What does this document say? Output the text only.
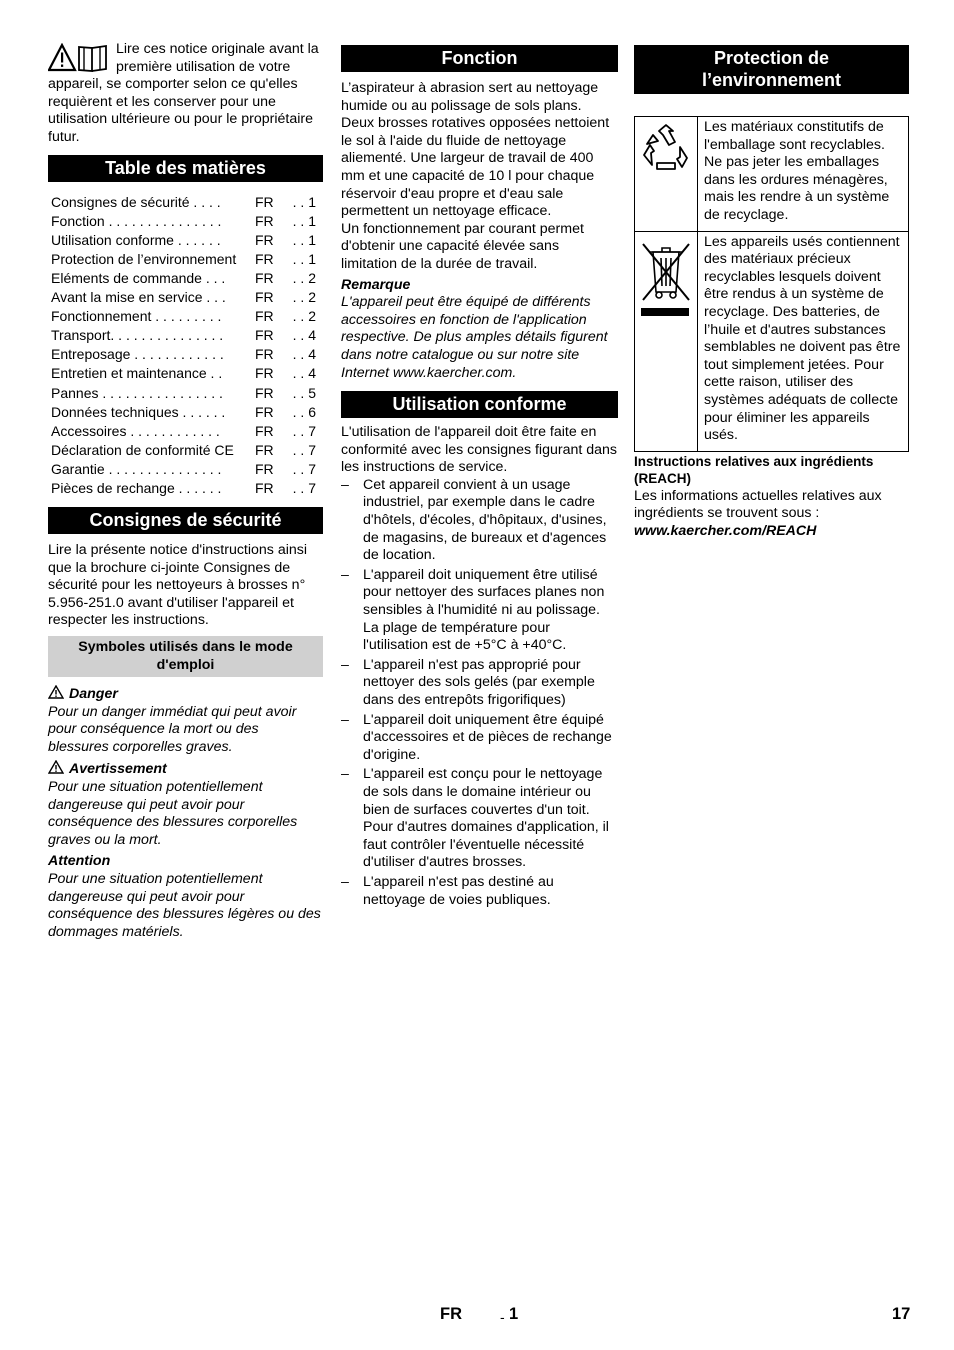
Lire ces notice originale avant la première utilisation de votre appareil, se comporter selon ce qu'elles requièrent et les conserver pour une utilisation ultérieure ou pour le propriétaire futur.

Table des matières
Consignes de sécurité . . . .	FR	. . 1
Fonction . . . . . . . . . . . . . . .	FR	. . 1
Utilisation conforme . . . . . .	FR	. . 1
Protection de l’environnement	FR	. . 1
Eléments de commande . . .	FR	. . 2
Avant la mise en service . . .	FR	. . 2
Fonctionnement . . . . . . . . .	FR	. . 2
Transport. . . . . . . . . . . . . . .	FR	. . 4
Entreposage . . . . . . . . . . . .	FR	. . 4
Entretien et maintenance . .	FR	. . 4
Pannes . . . . . . . . . . . . . . . .	FR	. . 5
Données techniques . . . . . .	FR	. . 6
Accessoires . . . . . . . . . . . .	FR	. . 7
Déclaration de conformité CE	FR	. . 7
Garantie . . . . . . . . . . . . . . .	FR	. . 7
Pièces de rechange . . . . . .	FR	. . 7
Consignes de sécurité

Lire la présente notice d'instructions ainsi que la brochure ci-jointe Consignes de sécurité pour les nettoyeurs à brosses n° 5.956-251.0 avant d'utiliser l'appareil et respecter les instructions.

Symboles utilisés dans le mode d'emploi

Danger

Pour un danger immédiat qui peut avoir pour conséquence la mort ou des blessures corporelles graves.

Avertissement

Pour une situation potentiellement dangereuse qui peut avoir pour conséquence des blessures corporelles graves ou la mort.

Attention

Pour une situation potentiellement dangereuse qui peut avoir pour conséquence des blessures légères ou des dommages matériels.

Fonction

L’aspirateur à abrasion sert au nettoyage humide ou au polissage de sols plans. Deux brosses rotatives opposées nettoient le sol à l'aide du fluide de nettoyage aliementé. Une largeur de travail de 400 mm et une capacité de 10 l pour chaque réservoir d'eau propre et d'eau sale permettent un nettoyage efficace.

Un fonctionnement par courant permet d'obtenir une capacité élevée sans limitation de la durée de travail.

Remarque

L'appareil peut être équipé de différents accessoires en fonction de l'application respective. De plus amples détails figurent dans notre catalogue ou sur notre site Internet www.kaercher.com.

Utilisation conforme

L'utilisation de l'appareil doit être faite en conformité avec les consignes figurant dans les instructions de service.

– Cet appareil convient à un usage industriel, par exemple dans le cadre d'hôtels, d'écoles, d'hôpitaux, d'usines, de magasins, de bureaux et d'agences de location.
– L'appareil doit uniquement être utilisé pour nettoyer des surfaces planes non sensibles à l'humidité ni au polissage. La plage de température pour l'utilisation est de +5°C à +40°C.
– L'appareil n'est pas approprié pour nettoyer des sols gelés (par exemple dans des entrepôts frigorifiques)
– L'appareil doit uniquement être équipé d'accessoires et de pièces de rechange d'origine.
– L'appareil est conçu pour le nettoyage de sols dans le domaine intérieur ou bien de surfaces couvertes d'un toit. Pour d'autres domaines d'application, il faut contrôler l'éventuelle nécessité d'utiliser d'autres brosses.
– L'appareil n'est pas destiné au nettoyage de voies publiques.
Protection de l’environnement
	Les matériaux constitutifs de l'emballage sont recyclables. Ne pas jeter les emballages dans les ordures ménagères, mais les rendre à un système de recyclage.
	Les appareils usés contiennent des matériaux précieux recyclables lesquels doivent être rendus à un système de recyclage. Des batteries, de l’huile et d'autres substances semblables ne doivent pas être tout simplement jetées. Pour cette raison, utiliser des systèmes adéquats de collecte pour éliminer les appareils usés.

Instructions relatives aux ingrédients (REACH)

Les informations actuelles relatives aux ingrédients se trouvent sous :

www.kaercher.com/REACH

FR	- 1	17
